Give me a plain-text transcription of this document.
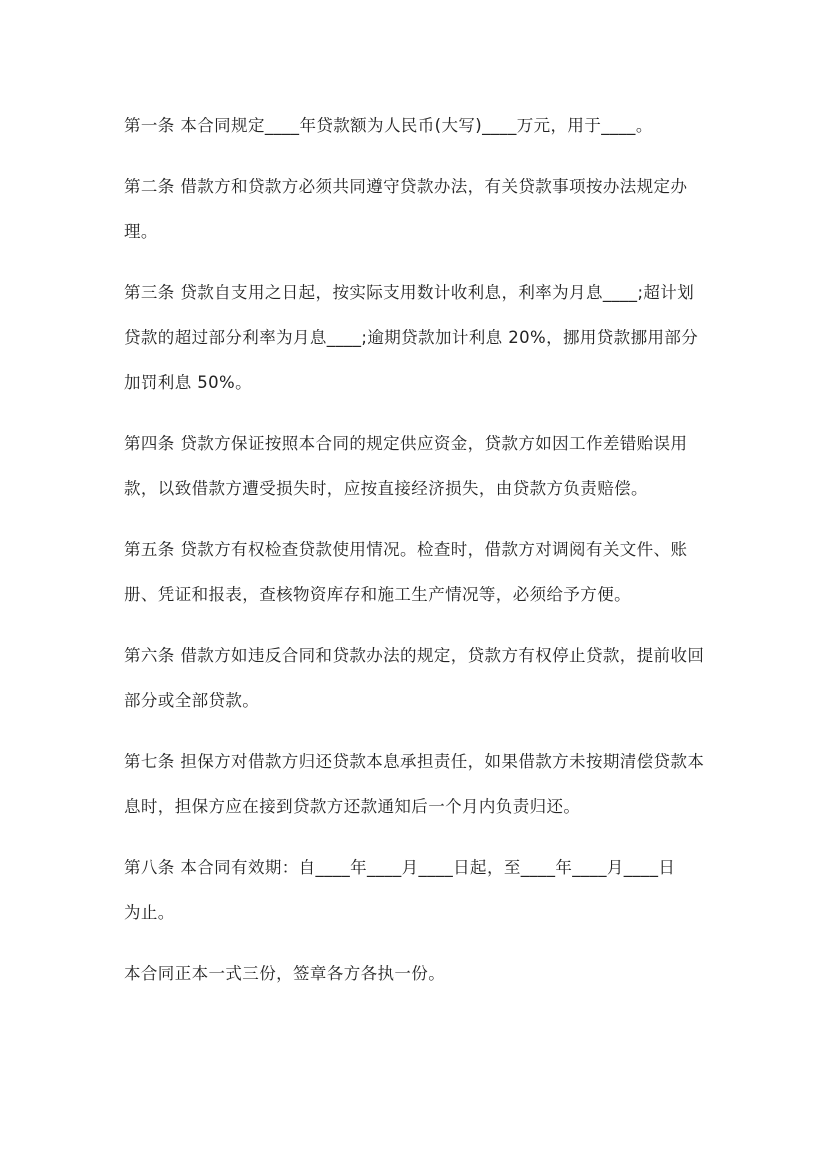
第一条 本合同规定____年贷款额为人民币(大写)____万元，用于____。
第二条 借款方和贷款方必须共同遵守贷款办法，有关贷款事项按办法规定办
理。
第三条 贷款自支用之日起，按实际支用数计收利息，利率为月息____;超计划
贷款的超过部分利率为月息____;逾期贷款加计利息 20%，挪用贷款挪用部分
加罚利息 50%。
第四条 贷款方保证按照本合同的规定供应资金，贷款方如因工作差错贻误用
款，以致借款方遭受损失时，应按直接经济损失，由贷款方负责赔偿。
第五条 贷款方有权检查贷款使用情况。检查时，借款方对调阅有关文件、账
册、凭证和报表，查核物资库存和施工生产情况等，必须给予方便。
第六条 借款方如违反合同和贷款办法的规定，贷款方有权停止贷款，提前收回
部分或全部贷款。
第七条 担保方对借款方归还贷款本息承担责任，如果借款方未按期清偿贷款本
息时，担保方应在接到贷款方还款通知后一个月内负责归还。
第八条 本合同有效期：自____年____月____日起，至____年____月____日
为止。
本合同正本一式三份，签章各方各执一份。
